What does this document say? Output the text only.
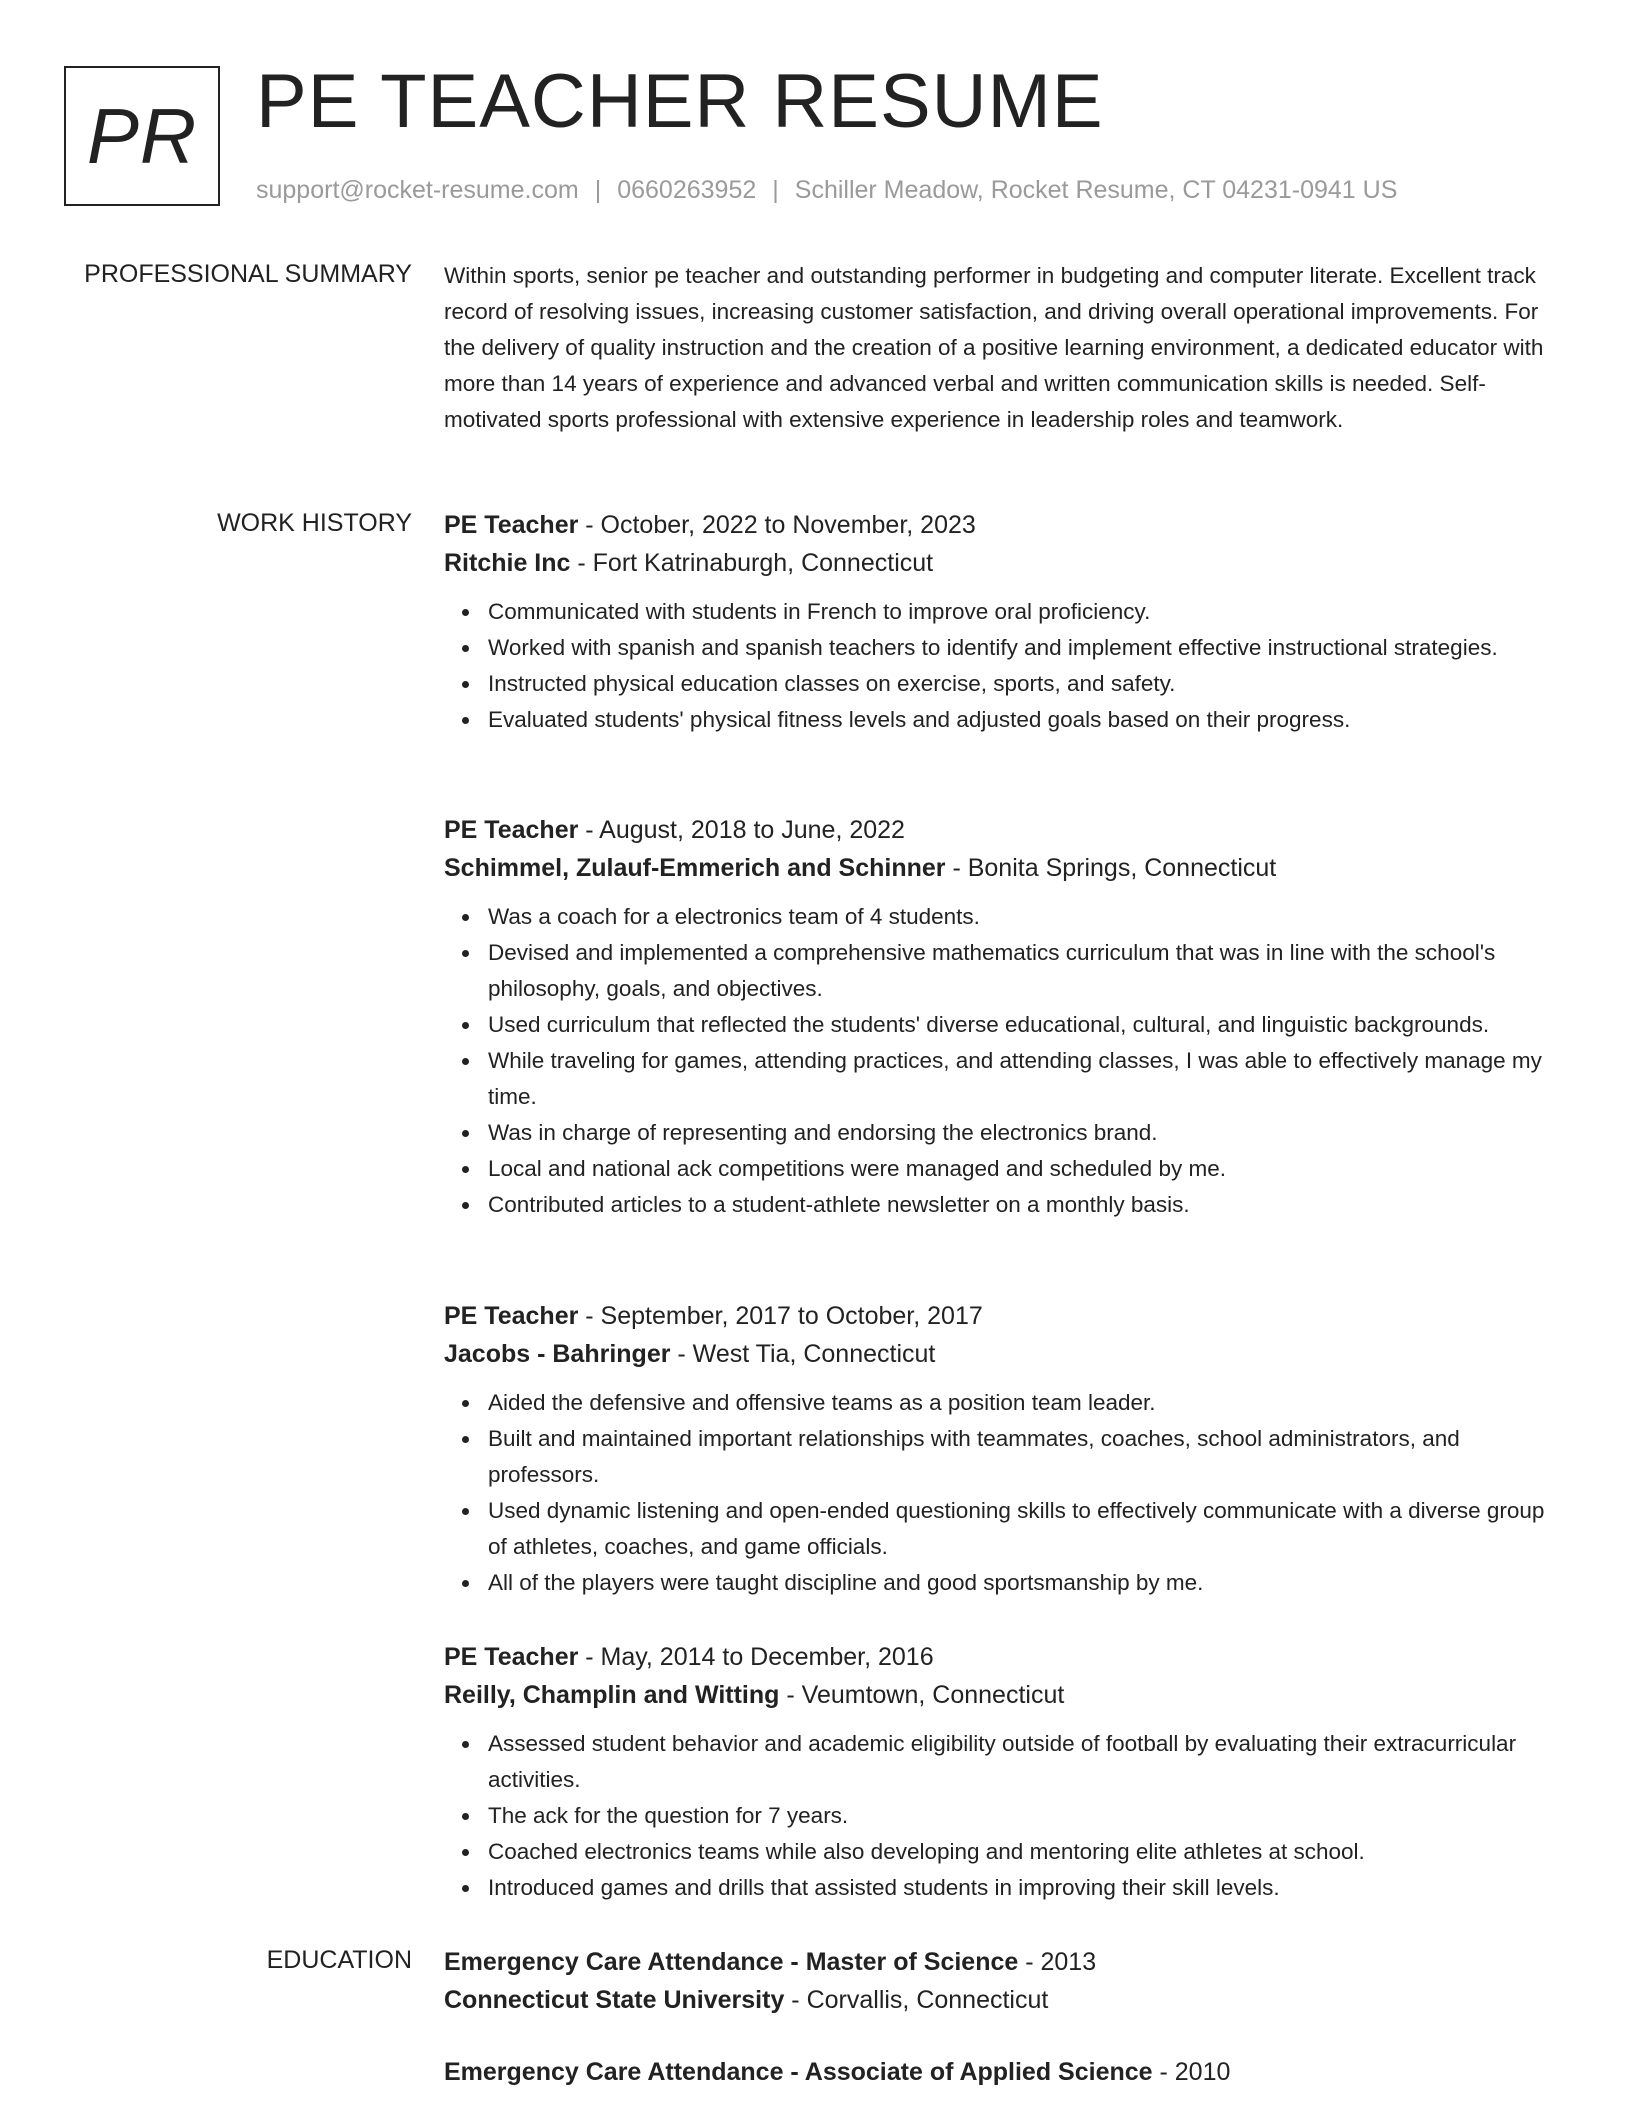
PR PE TEACHER RESUME
support@rocket-resume.com | 0660263952 | Schiller Meadow, Rocket Resume, CT 04231-0941 US
PROFESSIONAL SUMMARY Within sports, senior pe teacher and outstanding performer in budgeting and computer literate. Excellent track record of resolving issues, increasing customer satisfaction, and driving overall operational improvements. For the delivery of quality instruction and the creation of a positive learning environment, a dedicated educator with more than 14 years of experience and advanced verbal and written communication skills is needed. Self-motivated sports professional with extensive experience in leadership roles and teamwork.

WORK HISTORY PE Teacher - October, 2022 to November, 2023
Ritchie Inc - Fort Katrinaburgh, Connecticut
Communicated with students in French to improve oral proficiency.
Worked with spanish and spanish teachers to identify and implement effective instructional strategies.
Instructed physical education classes on exercise, sports, and safety.
Evaluated students' physical fitness levels and adjusted goals based on their progress.
PE Teacher - August, 2018 to June, 2022
Schimmel, Zulauf-Emmerich and Schinner - Bonita Springs, Connecticut
Was a coach for a electronics team of 4 students.
Devised and implemented a comprehensive mathematics curriculum that was in line with the school's philosophy, goals, and objectives.
Used curriculum that reflected the students' diverse educational, cultural, and linguistic backgrounds.
While traveling for games, attending practices, and attending classes, I was able to effectively manage my time.
Was in charge of representing and endorsing the electronics brand.
Local and national ack competitions were managed and scheduled by me.
Contributed articles to a student-athlete newsletter on a monthly basis.
PE Teacher - September, 2017 to October, 2017
Jacobs - Bahringer - West Tia, Connecticut
Aided the defensive and offensive teams as a position team leader.
Built and maintained important relationships with teammates, coaches, school administrators, and professors.
Used dynamic listening and open-ended questioning skills to effectively communicate with a diverse group of athletes, coaches, and game officials.
All of the players were taught discipline and good sportsmanship by me.
PE Teacher - May, 2014 to December, 2016
Reilly, Champlin and Witting - Veumtown, Connecticut
Assessed student behavior and academic eligibility outside of football by evaluating their extracurricular activities.
The ack for the question for 7 years.
Coached electronics teams while also developing and mentoring elite athletes at school.
Introduced games and drills that assisted students in improving their skill levels.
EDUCATION Emergency Care Attendance - Master of Science - 2013
Connecticut State University - Corvallis, Connecticut
Emergency Care Attendance - Associate of Applied Science - 2010
